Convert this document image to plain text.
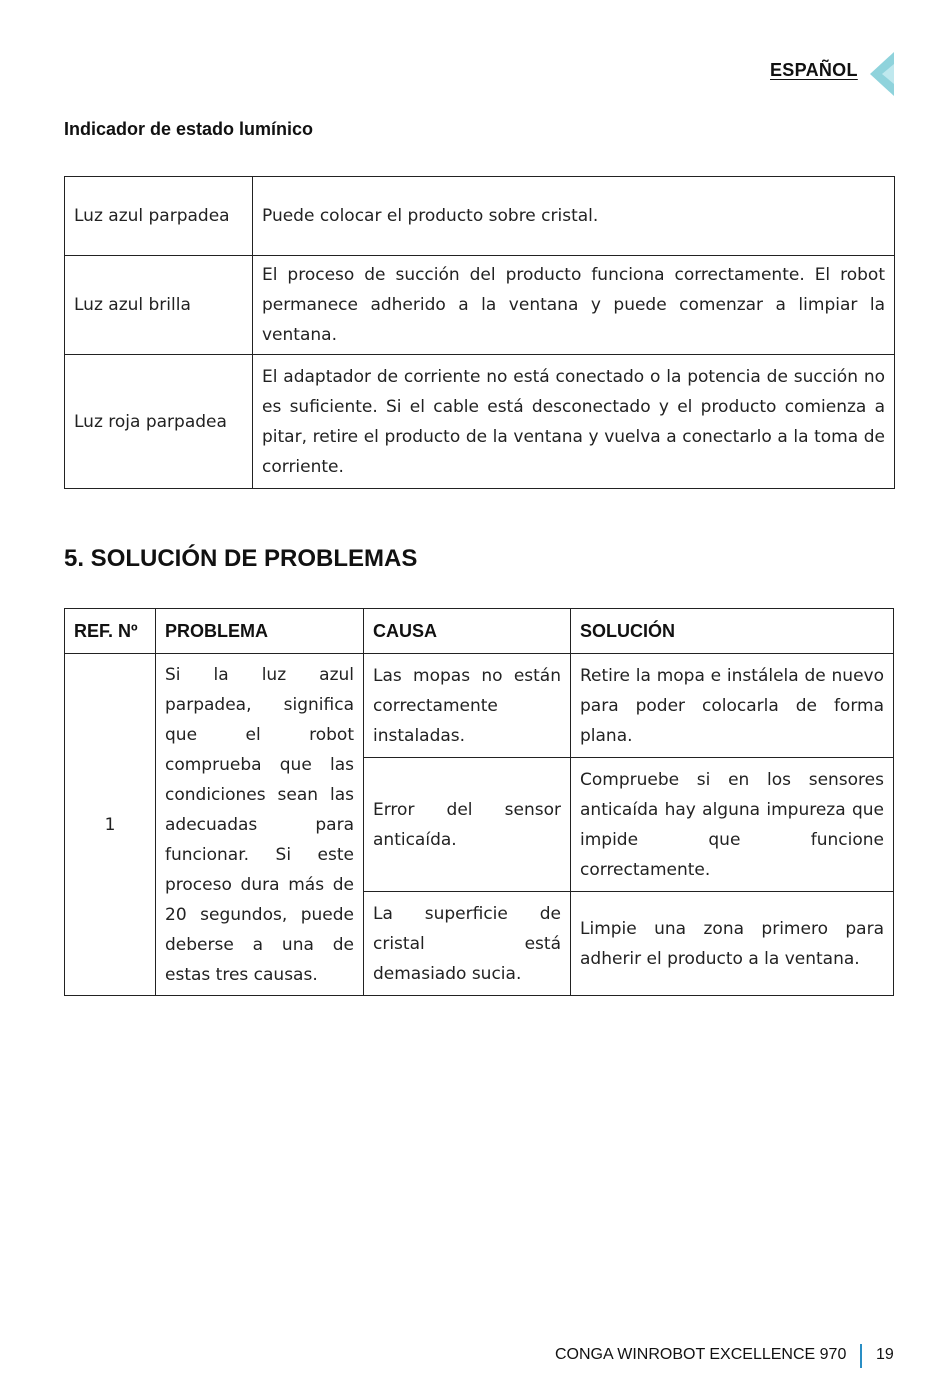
ESPAÑOL
Indicador de estado lumínico
Luz azul parpadea	Puede colocar el producto sobre cristal.
Luz azul brilla	El proceso de succión del producto funciona correctamente. El robot permanece adherido a la ventana y puede comenzar a limpiar la ventana.
Luz roja parpadea	El adaptador de corriente no está conectado o la potencia de succión no es suficiente. Si el cable está desconectado y el producto comienza a pitar, retire el producto de la ventana y vuelva a conectarlo a la toma de corriente.
5. SOLUCIÓN DE PROBLEMAS
REF. Nº	PROBLEMA	CAUSA	SOLUCIÓN
1	Si la luz azul parpadea, significa que el robot comprueba que las condiciones sean las adecuadas para funcionar. Si este proceso dura más de 20 segundos, puede deberse a una de estas tres causas.	Las mopas no están correctamente instaladas.	Retire la mopa e instálela de nuevo para poder colocarla de forma plana.
		Error del sensor anticaída.	Compruebe si en los sensores anticaída hay alguna impureza que impide que funcione correctamente.
		La superficie de cristal está demasiado sucia.	Limpie una zona primero para adherir el producto a la ventana.
CONGA WINROBOT EXCELLENCE 970 19
